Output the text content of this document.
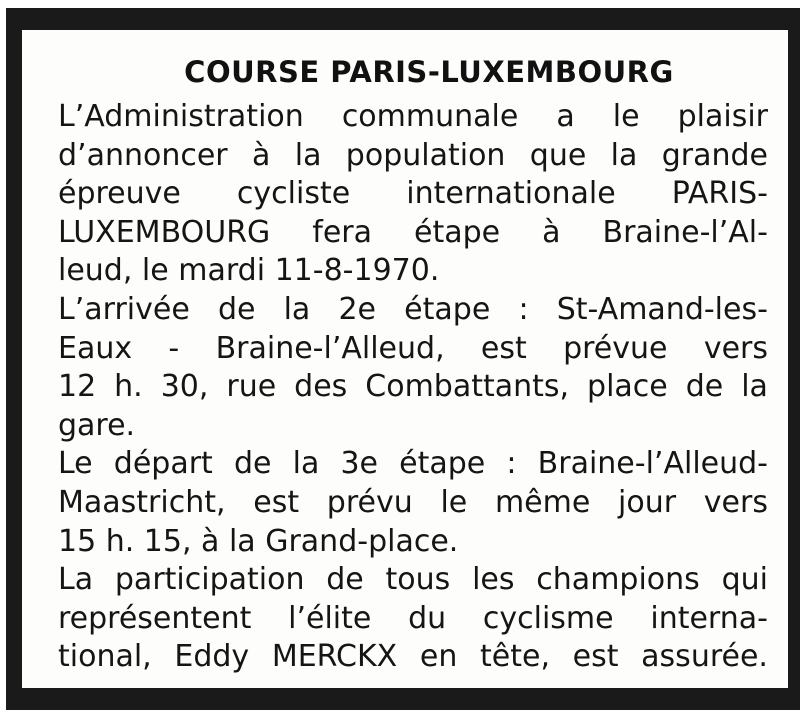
COURSE PARIS-LUXEMBOURG
L’Administration communale a le plaisir
d’annoncer à la population que la grande
épreuve cycliste internationale PARIS-
LUXEMBOURG fera étape à Braine-l’Al-
leud, le mardi 11-8-1970.
L’arrivée de la 2e étape : St-Amand-les-
Eaux - Braine-l’Alleud, est prévue vers
12 h. 30, rue des Combattants, place de la
gare.
Le départ de la 3e étape : Braine-l’Alleud-
Maastricht, est prévu le même jour vers
15 h. 15, à la Grand-place.
La participation de tous les champions qui
représentent l’élite du cyclisme interna-
tional, Eddy MERCKX en tête, est assurée.
